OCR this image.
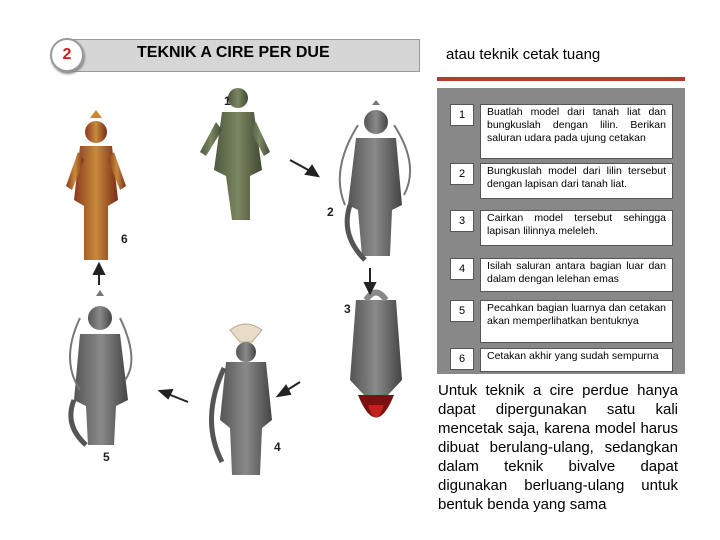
2	TEKNIK A CIRE PER DUE	atau teknik cetak tuang
1
2
3
4
5
6
1	Buatlah model dari tanah liat dan bungkuslah dengan lilin. Berikan saluran udara pada ujung cetakan
2	Bungkuslah model dari lilin tersebut dengan lapisan dari tanah liat.
3	Cairkan model tersebut sehingga lapisan lilinnya meleleh.
4	Isilah saluran antara bagian luar dan dalam dengan lelehan emas
5	Pecahkan bagian luarnya dan cetakan akan memperlihatkan bentuknya
6	Cetakan akhir yang sudah sempurna
Untuk teknik a cire perdue hanya dapat dipergunakan satu kali mencetak saja, karena model harus dibuat berulang-ulang, sedangkan dalam teknik bivalve dapat digunakan berluang-ulang untuk bentuk benda yang sama
